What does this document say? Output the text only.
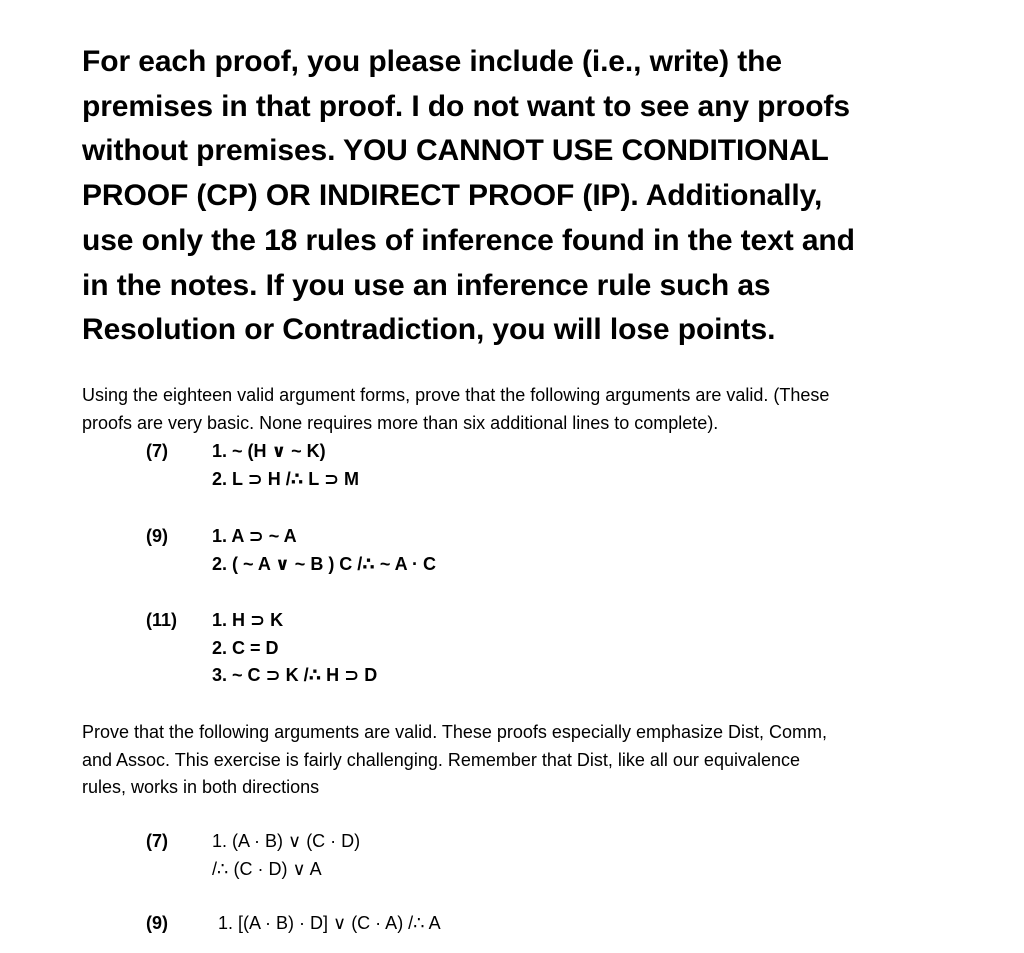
For each proof, you please include (i.e., write) the
premises in that proof. I do not want to see any proofs
without premises. YOU CANNOT USE CONDITIONAL
PROOF (CP) OR INDIRECT PROOF (IP). Additionally,
use only the 18 rules of inference found in the text and
in the notes. If you use an inference rule such as
Resolution or Contradiction, you will lose points.

Using the eighteen valid argument forms, prove that the following arguments are valid. (These
proofs are very basic. None requires more than six additional lines to complete).

(7) 1. ~ (H ∨ ~ K)
2. L ⊃ H /∴ L ⊃ M
(9) 1. A ⊃ ~ A
2. ( ~ A ∨ ~ B ) C /∴ ~ A · C
(11) 1. H ⊃ K
2. C = D
3. ~ C ⊃ K /∴ H ⊃ D

Prove that the following arguments are valid. These proofs especially emphasize Dist, Comm,
and Assoc. This exercise is fairly challenging. Remember that Dist, like all our equivalence
rules, works in both directions

(7) 1. (A · B) ∨ (C · D)
/∴ (C · D) ∨ A
(9)	1. [(A · B) · D] ∨ (C · A) /∴ A
